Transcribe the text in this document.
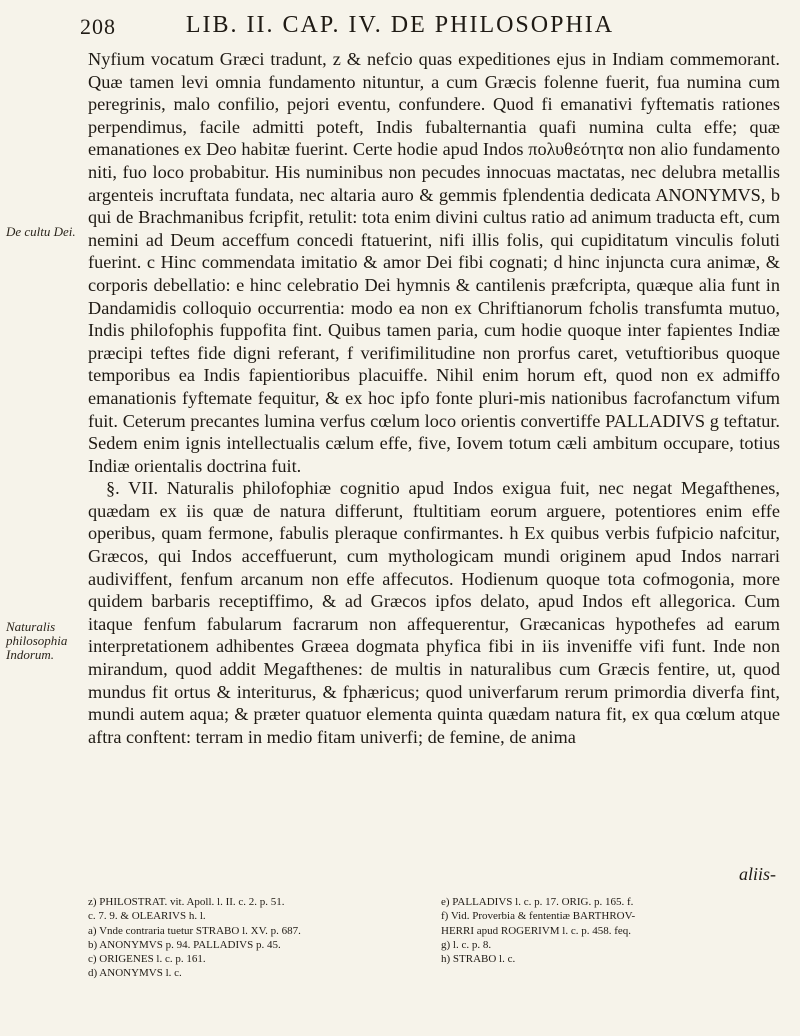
208	LIB. II. CAP. IV. DE PHILOSOPHIA
De cultu Dei.
Naturalis philosophia Indorum.

Nyfium vocatum Græci tradunt, z & nefcio quas expeditiones ejus in Indiam commemorant. Quæ tamen levi omnia fundamento nituntur, a cum Græcis folenne fuerit, fua numina cum peregrinis, malo confilio, pejori eventu, confundere. Quod fi emanativi fyftematis rationes perpendimus, facile admitti poteft, Indis fubalternantia quafi numina culta effe; quæ emanationes ex Deo habitæ fuerint. Certe hodie apud Indos πολυθεότητα non alio fundamento niti, fuo loco probabitur. His numinibus non pecudes innocuas mactatas, nec delubra metallis argenteis incruftata fundata, nec altaria auro & gemmis fplendentia dedicata ANONYMVS, b qui de Brachmanibus fcripfit, retulit: tota enim divini cultus ratio ad animum traducta eft, cum nemini ad Deum acceffum concedi ftatuerint, nifi illis folis, qui cupiditatum vinculis foluti fuerint. c Hinc commendata imitatio & amor Dei fibi cognati; d hinc injuncta cura animæ, & corporis debellatio: e hinc celebratio Dei hymnis & cantilenis præfcripta, quæque alia funt in Dandamidis colloquio occurrentia: modo ea non ex Chriftianorum fcholis transfumta mutuo, Indis philofophis fuppofita fint. Quibus tamen paria, cum hodie quoque inter fapientes Indiæ præcipi teftes fide digni referant, f verifimilitudine non prorfus caret, vetuftioribus quoque temporibus ea Indis fapientioribus placuiffe. Nihil enim horum eft, quod non ex admiffo emanationis fyftemate fequitur, & ex hoc ipfo fonte pluri-mis nationibus facrofanctum vifum fuit. Ceterum precantes lumina verfus cœlum loco orientis convertiffe PALLADIVS g teftatur. Sedem enim ignis intellectualis cælum effe, five, Iovem totum cæli ambitum occupare, totius Indiæ orientalis doctrina fuit.

§. VII. Naturalis philofophiæ cognitio apud Indos exigua fuit, nec negat Megafthenes, quædam ex iis quæ de natura differunt, ftultitiam eorum arguere, potentiores enim effe operibus, quam fermone, fabulis pleraque confirmantes. h Ex quibus verbis fufpicio nafcitur, Græcos, qui Indos acceffuerunt, cum mythologicam mundi originem apud Indos narrari audiviffent, fenfum arcanum non effe affecutos. Hodienum quoque tota cofmogonia, more quidem barbaris receptiffimo, & ad Græcos ipfos delato, apud Indos eft allegorica. Cum itaque fenfum fabularum facrarum non affequerentur, Græcanicas hypothefes ad earum interpretationem adhibentes Græea dogmata phyfica fibi in iis inveniffe vifi funt. Inde non mirandum, quod addit Megafthenes: de multis in naturalibus cum Græcis fentire, ut, quod mundus fit ortus & interiturus, & fphæricus; quod univerfarum rerum primordia diverfa fint, mundi autem aqua; & præter quatuor elementa quinta quædam natura fit, ex qua cœlum atque aftra conftent: terram in medio fitam univerfi; de femine, de anima

aliis-
z) PHILOSTRAT. vit. Apoll. l. II. c. 2. p. 51.
c. 7. 9. & OLEARIVS h. l.
a) Vnde contraria tuetur STRABO l. XV. p. 687.
b) ANONYMVS p. 94. PALLADIVS p. 45.
c) ORIGENES l. c. p. 161.
d) ANONYMVS l. c.
e) PALLADIVS l. c. p. 17. ORIG. p. 165. f.
f) Vid. Proverbia & fententiæ BARTHROV-
HERRI apud ROGERIVM l. c. p. 458. feq.
g) l. c. p. 8.
h) STRABO l. c.
